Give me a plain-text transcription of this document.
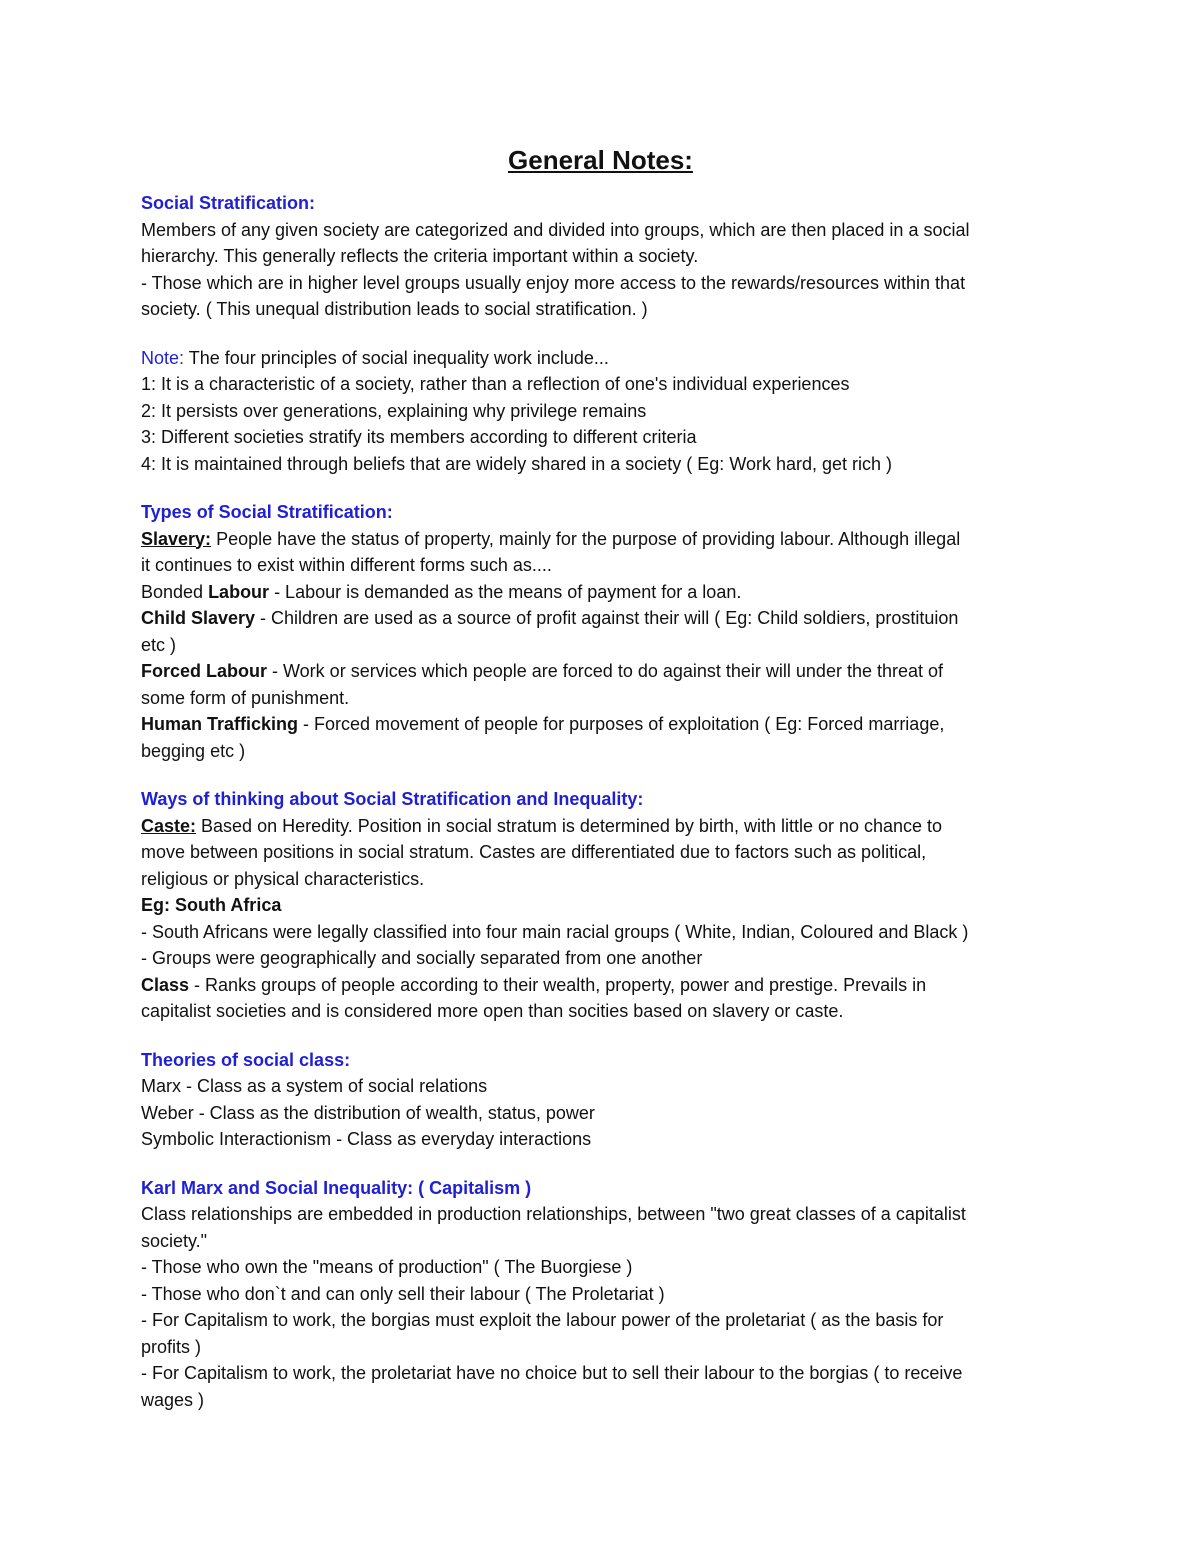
General Notes:

Social Stratification:

Members of any given society are categorized and divided into groups, which are then placed in a social

hierarchy. This generally reflects the criteria important within a society.

- Those which are in higher level groups usually enjoy more access to the rewards/resources within that

society. ( This unequal distribution leads to social stratification. )

Note: The four principles of social inequality work include...

1: It is a characteristic of a society, rather than a reflection of one's individual experiences

2: It persists over generations, explaining why privilege remains

3: Different societies stratify its members according to different criteria

4: It is maintained through beliefs that are widely shared in a society ( Eg: Work hard, get rich )

Types of Social Stratification:

Slavery: People have the status of property, mainly for the purpose of providing labour. Although illegal

it continues to exist within different forms such as....

Bonded Labour - Labour is demanded as the means of payment for a loan.

Child Slavery - Children are used as a source of profit against their will ( Eg: Child soldiers, prostituion

etc )

Forced Labour - Work or services which people are forced to do against their will under the threat of

some form of punishment.

Human Trafficking - Forced movement of people for purposes of exploitation ( Eg: Forced marriage,

begging etc )

Ways of thinking about Social Stratification and Inequality:

Caste: Based on Heredity. Position in social stratum is determined by birth, with little or no chance to

move between positions in social stratum. Castes are differentiated due to factors such as political,

religious or physical characteristics.

Eg: South Africa

- South Africans were legally classified into four main racial groups ( White, Indian, Coloured and Black )

- Groups were geographically and socially separated from one another

Class - Ranks groups of people according to their wealth, property, power and prestige. Prevails in

capitalist societies and is considered more open than socities based on slavery or caste.

Theories of social class:

Marx - Class as a system of social relations

Weber - Class as the distribution of wealth, status, power

Symbolic Interactionism - Class as everyday interactions

Karl Marx and Social Inequality: ( Capitalism )

Class relationships are embedded in production relationships, between "two great classes of a capitalist

society."

- Those who own the "means of production" ( The Buorgiese )

- Those who don`t and can only sell their labour ( The Proletariat )

- For Capitalism to work, the borgias must exploit the labour power of the proletariat ( as the basis for

profits )

- For Capitalism to work, the proletariat have no choice but to sell their labour to the borgias ( to receive

wages )
